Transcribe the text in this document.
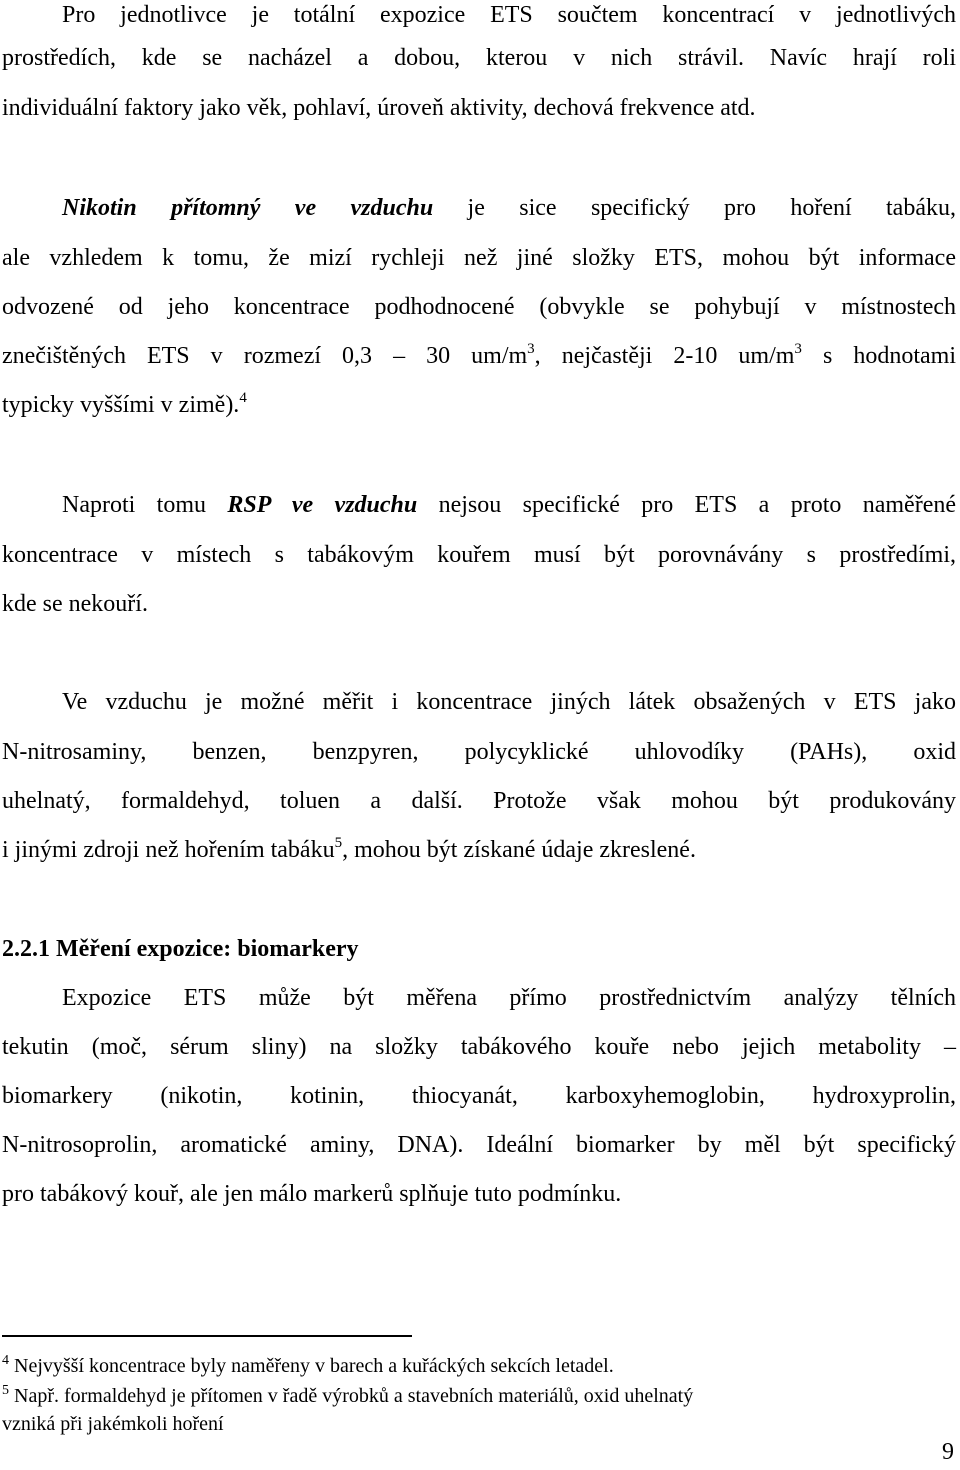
Pro jednotlivce je totální expozice ETS součtem koncentrací v jednotlivých
prostředích, kde se nacházel a dobou, kterou v nich strávil. Navíc hrají roli
individuální faktory jako věk, pohlaví, úroveň aktivity, dechová frekvence atd.
Nikotin přítomný ve vzduchu je sice specifický pro hoření tabáku,
ale vzhledem k tomu, že mizí rychleji než jiné složky ETS, mohou být informace
odvozené od jeho koncentrace podhodnocené (obvykle se pohybují v místnostech
znečištěných ETS v rozmezí 0,3 – 30 $um/m^3$, nejčastěji 2-10 $um/m^3$ s hodnotami
typicky vyššími v zimě).$^4$
Naproti tomu RSP ve vzduchu nejsou specifické pro ETS a proto naměřené
koncentrace v místech s tabákovým kouřem musí být porovnávány s prostředími,
kde se nekouří.
Ve vzduchu je možné měřit i koncentrace jiných látek obsažených v ETS jako
N-nitrosaminy, benzen, benzpyren, polycyklické uhlovodíky (PAHs), oxid
uhelnatý, formaldehyd, toluen a další. Protože však mohou být produkovány
i jinými zdroji než hořením tabáku$^5$, mohou být získané údaje zkreslené.
2.2.1 Měření expozice: biomarkery
Expozice ETS může být měřena přímo prostřednictvím analýzy tělních
tekutin (moč, sérum sliny) na složky tabákového kouře nebo jejich metabolity –
biomarkery (nikotin, kotinin, thiocyanát, karboxyhemoglobin, hydroxyprolin,
N-nitrosoprolin, aromatické aminy, DNA). Ideální biomarker by měl být specifický
pro tabákový kouř, ale jen málo markerů splňuje tuto podmínku.
$^4$ Nejvyšší koncentrace byly naměřeny v barech a kuřáckých sekcích letadel.
$^5$ Např. formaldehyd je přítomen v řadě výrobků a stavebních materiálů, oxid uhelnatý
vzniká při jakémkoli hoření
9
